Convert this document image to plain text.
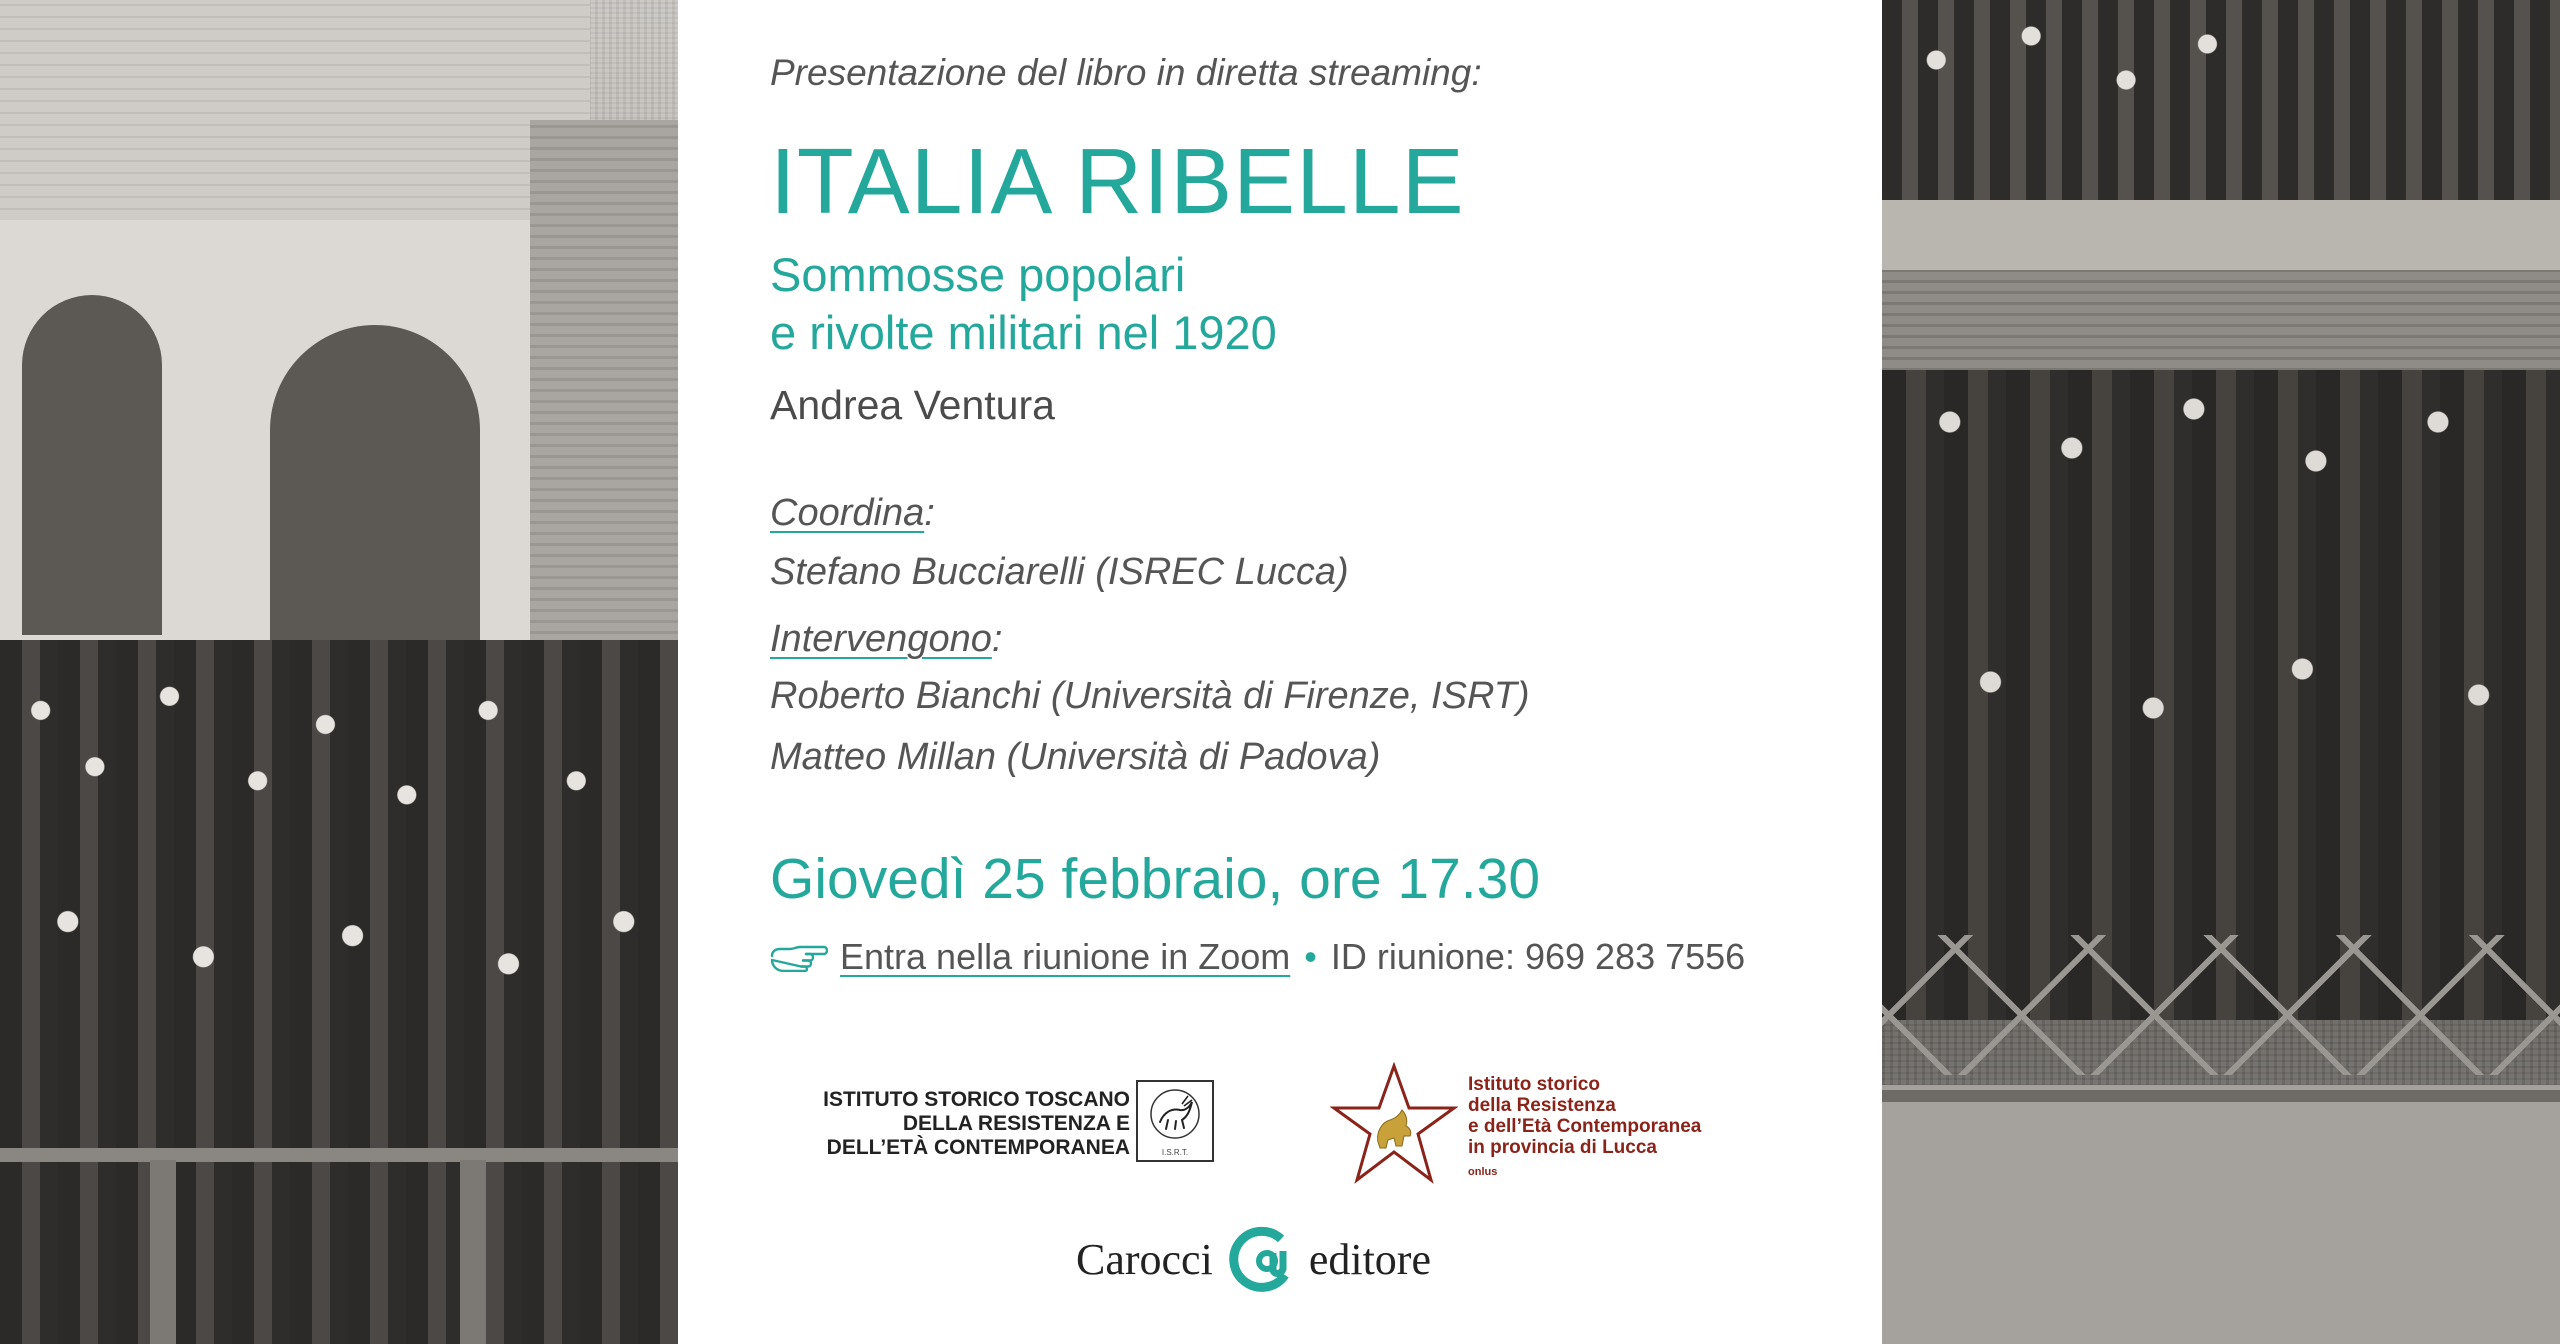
Presentazione del libro in diretta streaming:
ITALIA RIBELLE
Sommosse popolari
e rivolte militari nel 1920
Andrea Ventura
Coordina:
Stefano Bucciarelli (ISREC Lucca)
Intervengono:
Roberto Bianchi (Università di Firenze, ISRT)
Matteo Millan (Università di Padova)
Giovedì 25 febbraio, ore 17.30
Entra nella riunione in Zoom • ID riunione: 969 283 7556
ISTITUTO STORICO TOSCANO
DELLA RESISTENZA E
DELL’ETÀ CONTEMPORANEA	I.S.R.T.
Istituto storico
della Resistenza
e dell’Età Contemporanea
in provincia di Lucca
onlus
Carocci editore
